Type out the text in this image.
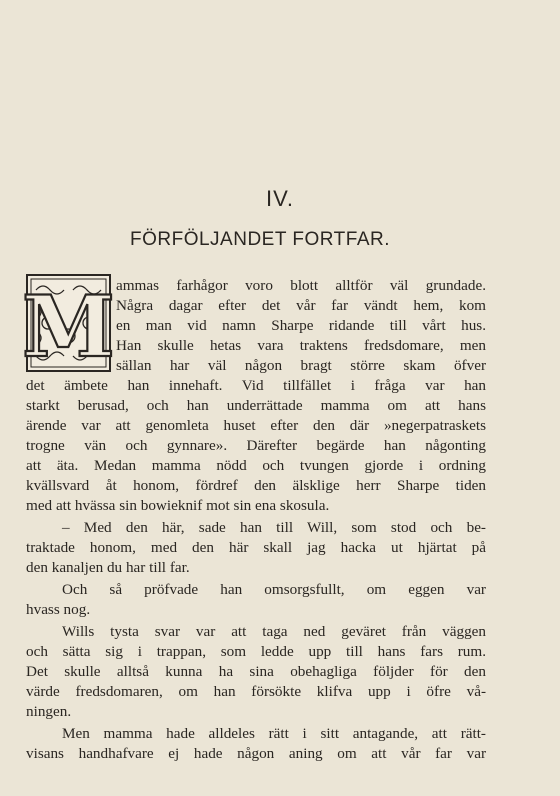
IV.
FÖRFÖLJANDET FORTFAR.
M ammas farhågor voro blott alltför väl grundade.
Några dagar efter det vår far vändt hem, kom
en man vid namn Sharpe ridande till vårt hus.
Han skulle hetas vara traktens fredsdomare, men
sällan har väl någon bragt större skam öfver
det ämbete han innehaft. Vid tillfället i fråga var han
starkt berusad, och han underrättade mamma om att hans
ärende var att genomleta huset efter den där »negerpatraskets
trogne vän och gynnare». Därefter begärde han någonting
att äta. Medan mamma nödd och tvungen gjorde i ordning
kvällsvard åt honom, fördref den älsklige herr Sharpe tiden
med att hvässa sin bowieknif mot sin ena skosula.
– Med den här, sade han till Will, som stod och be-
traktade honom, med den här skall jag hacka ut hjärtat på
den kanaljen du har till far.
Och så pröfvade han omsorgsfullt, om eggen var
hvass nog.
Wills tysta svar var att taga ned geväret från väggen
och sätta sig i trappan, som ledde upp till hans fars rum.
Det skulle alltså kunna ha sina obehagliga följder för den
värde fredsdomaren, om han försökte klifva upp i öfre vå-
ningen.
Men mamma hade alldeles rätt i sitt antagande, att rätt-
visans handhafvare ej hade någon aning om att vår far var
